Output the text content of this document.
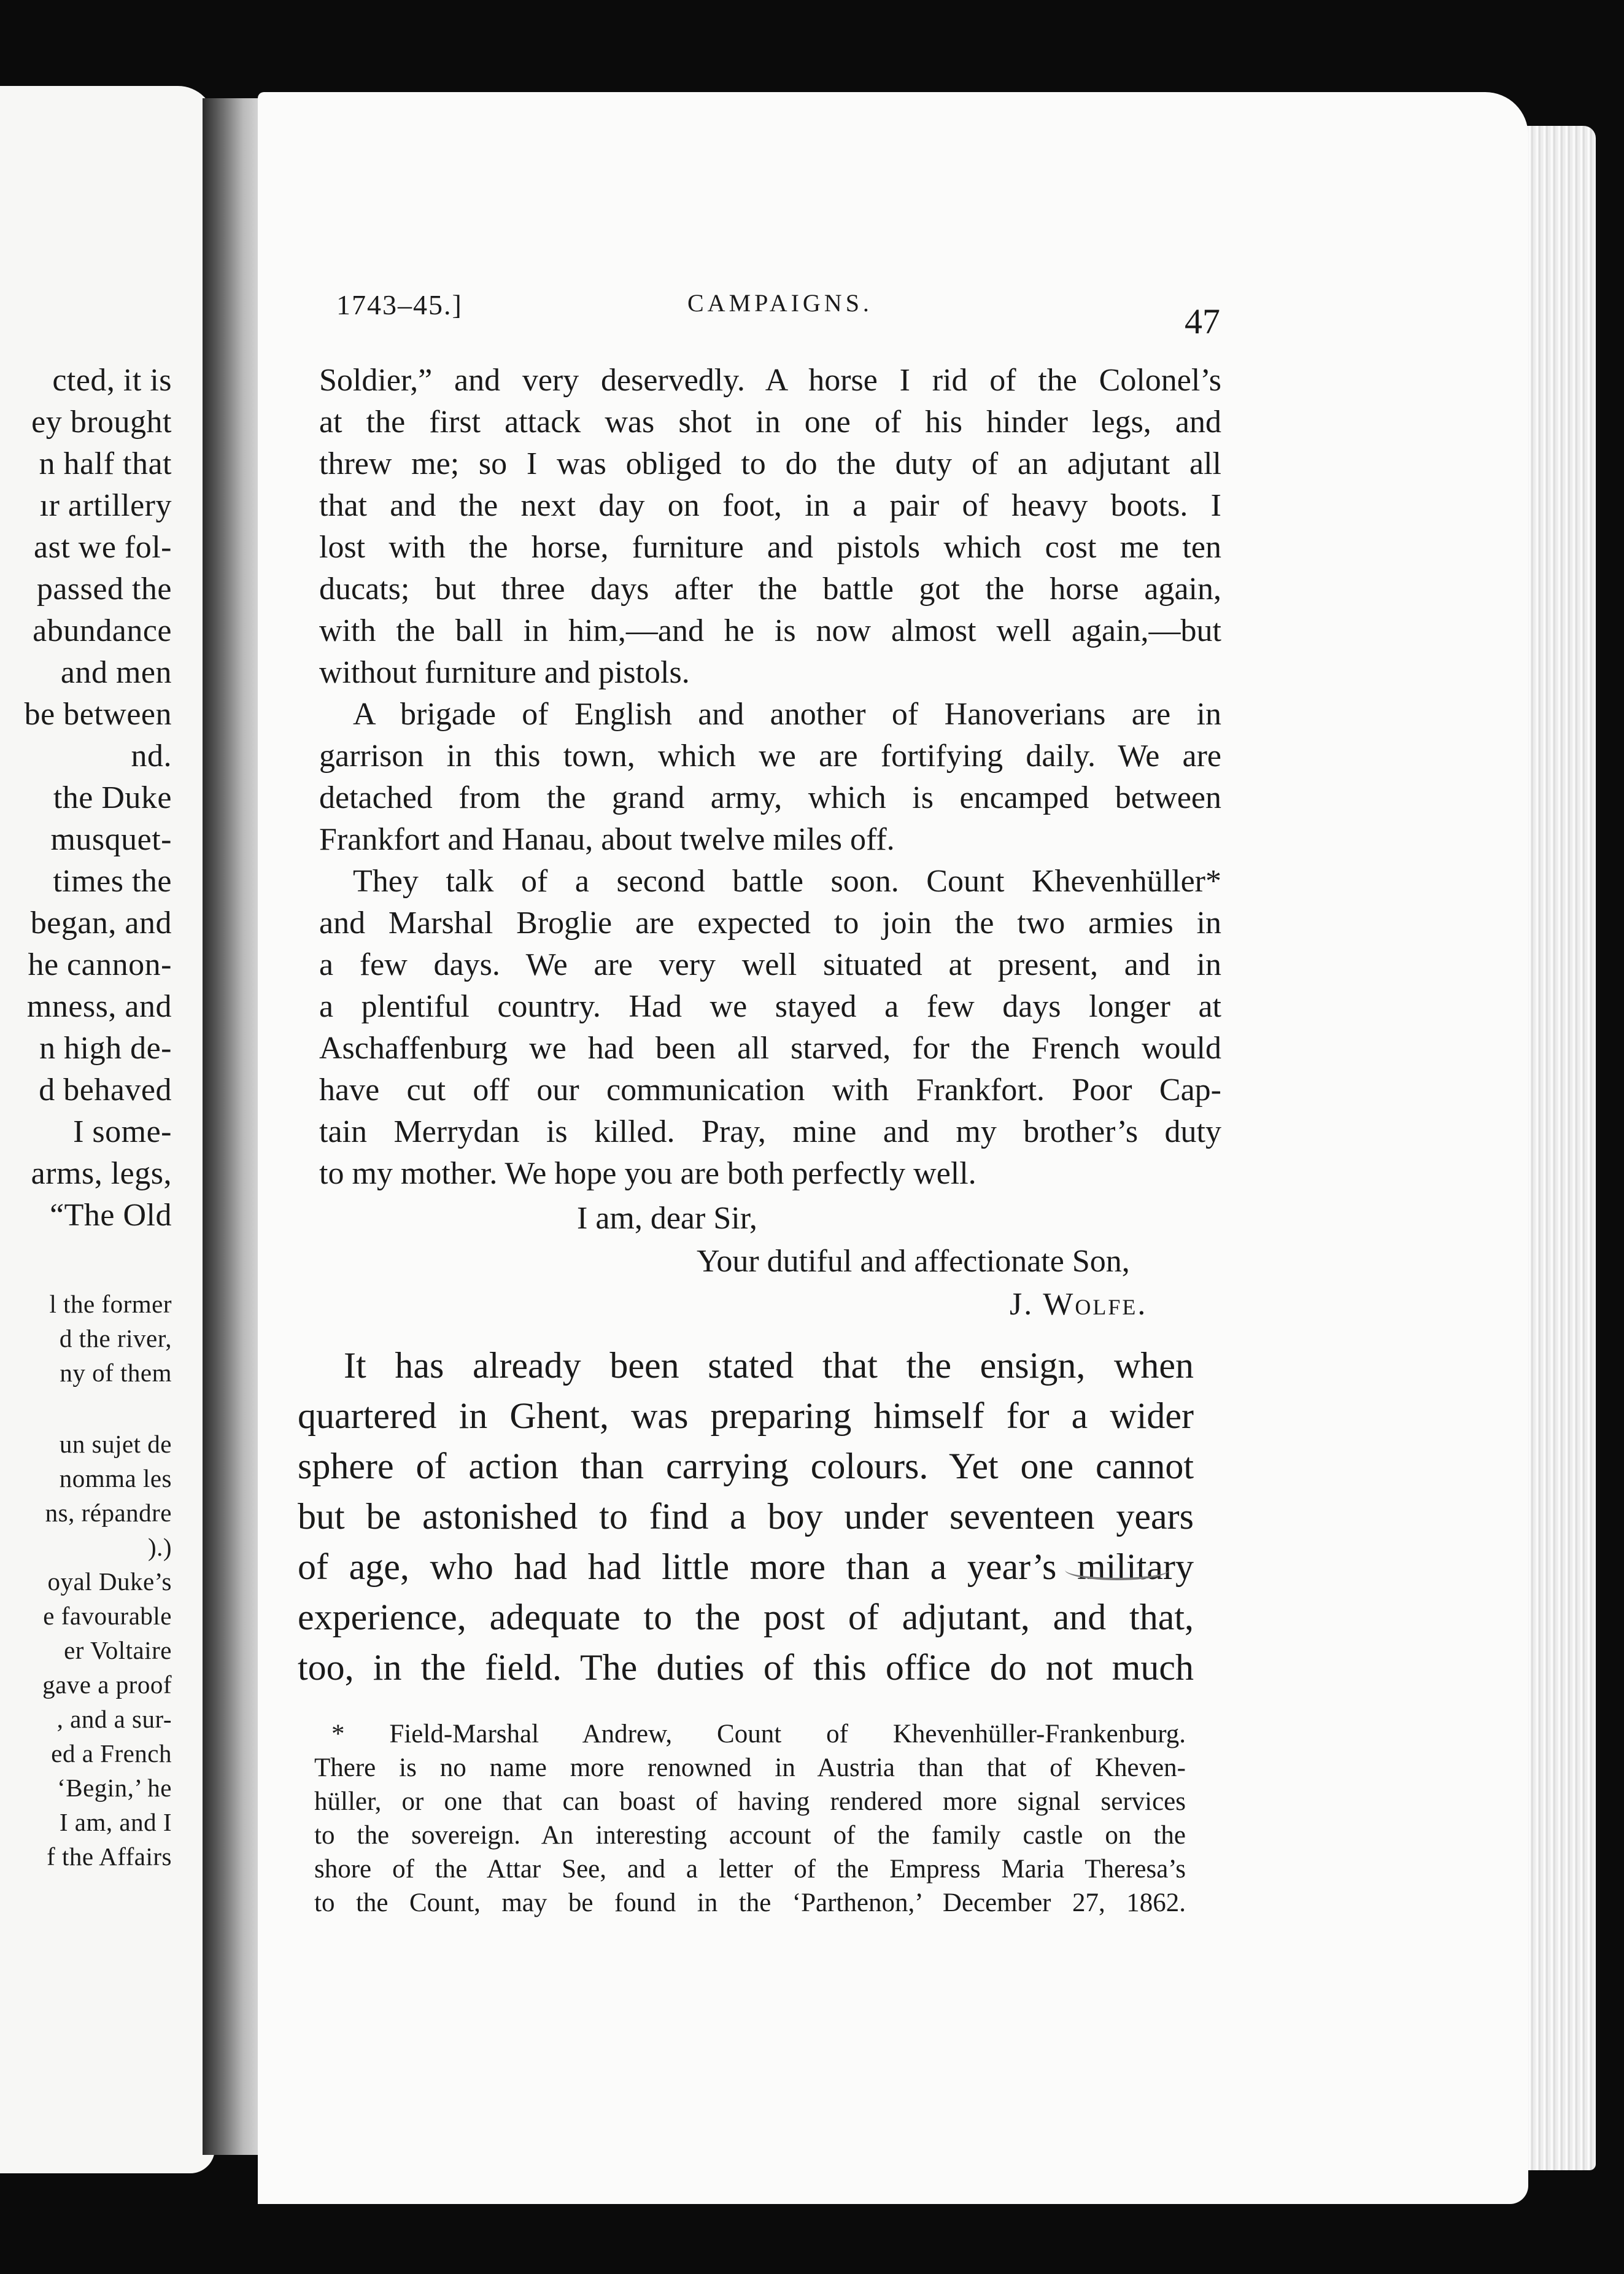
cted, it is
ey brought
n half that
ır artillery
ast we fol-
passed the
abundance
and men
be between
nd.
the Duke
musquet-
times the
began, and
he cannon-
mness, and
n high de-
d behaved
I some-
arms, legs,
“The Old
l the former
d the river,
ny of them
un sujet de
nomma les
ns, répandre
).)
oyal Duke’s
e favourable
er Voltaire
gave a proof
, and a sur-
ed a French
‘Begin,’ he
I am, and I
f the Affairs
1743–45.]	CAMPAIGNS.	47
Soldier,” and very deservedly. A horse I rid of the Colonel’s
at the first attack was shot in one of his hinder legs, and
threw me; so I was obliged to do the duty of an adjutant all
that and the next day on foot, in a pair of heavy boots. I
lost with the horse, furniture and pistols which cost me ten
ducats; but three days after the battle got the horse again,
with the ball in him,—and he is now almost well again,—but
without furniture and pistols.
A brigade of English and another of Hanoverians are in
garrison in this town, which we are fortifying daily. We are
detached from the grand army, which is encamped between
Frankfort and Hanau, about twelve miles off.
They talk of a second battle soon. Count Khevenhüller*
and Marshal Broglie are expected to join the two armies in
a few days. We are very well situated at present, and in
a plentiful country. Had we stayed a few days longer at
Aschaffenburg we had been all starved, for the French would
have cut off our communication with Frankfort. Poor Cap-
tain Merrydan is killed. Pray, mine and my brother’s duty
to my mother. We hope you are both perfectly well.
I am, dear Sir,
Your dutiful and affectionate Son,
J. Wolfe.
It has already been stated that the ensign, when
quartered in Ghent, was preparing himself for a wider
sphere of action than carrying colours. Yet one cannot
but be astonished to find a boy under seventeen years
of age, who had had little more than a year’s military
experience, adequate to the post of adjutant, and that,
too, in the field. The duties of this office do not much
* Field-Marshal Andrew, Count of Khevenhüller-Frankenburg.
There is no name more renowned in Austria than that of Kheven-
hüller, or one that can boast of having rendered more signal services
to the sovereign. An interesting account of the family castle on the
shore of the Attar See, and a letter of the Empress Maria Theresa’s
to the Count, may be found in the ‘Parthenon,’ December 27, 1862.
